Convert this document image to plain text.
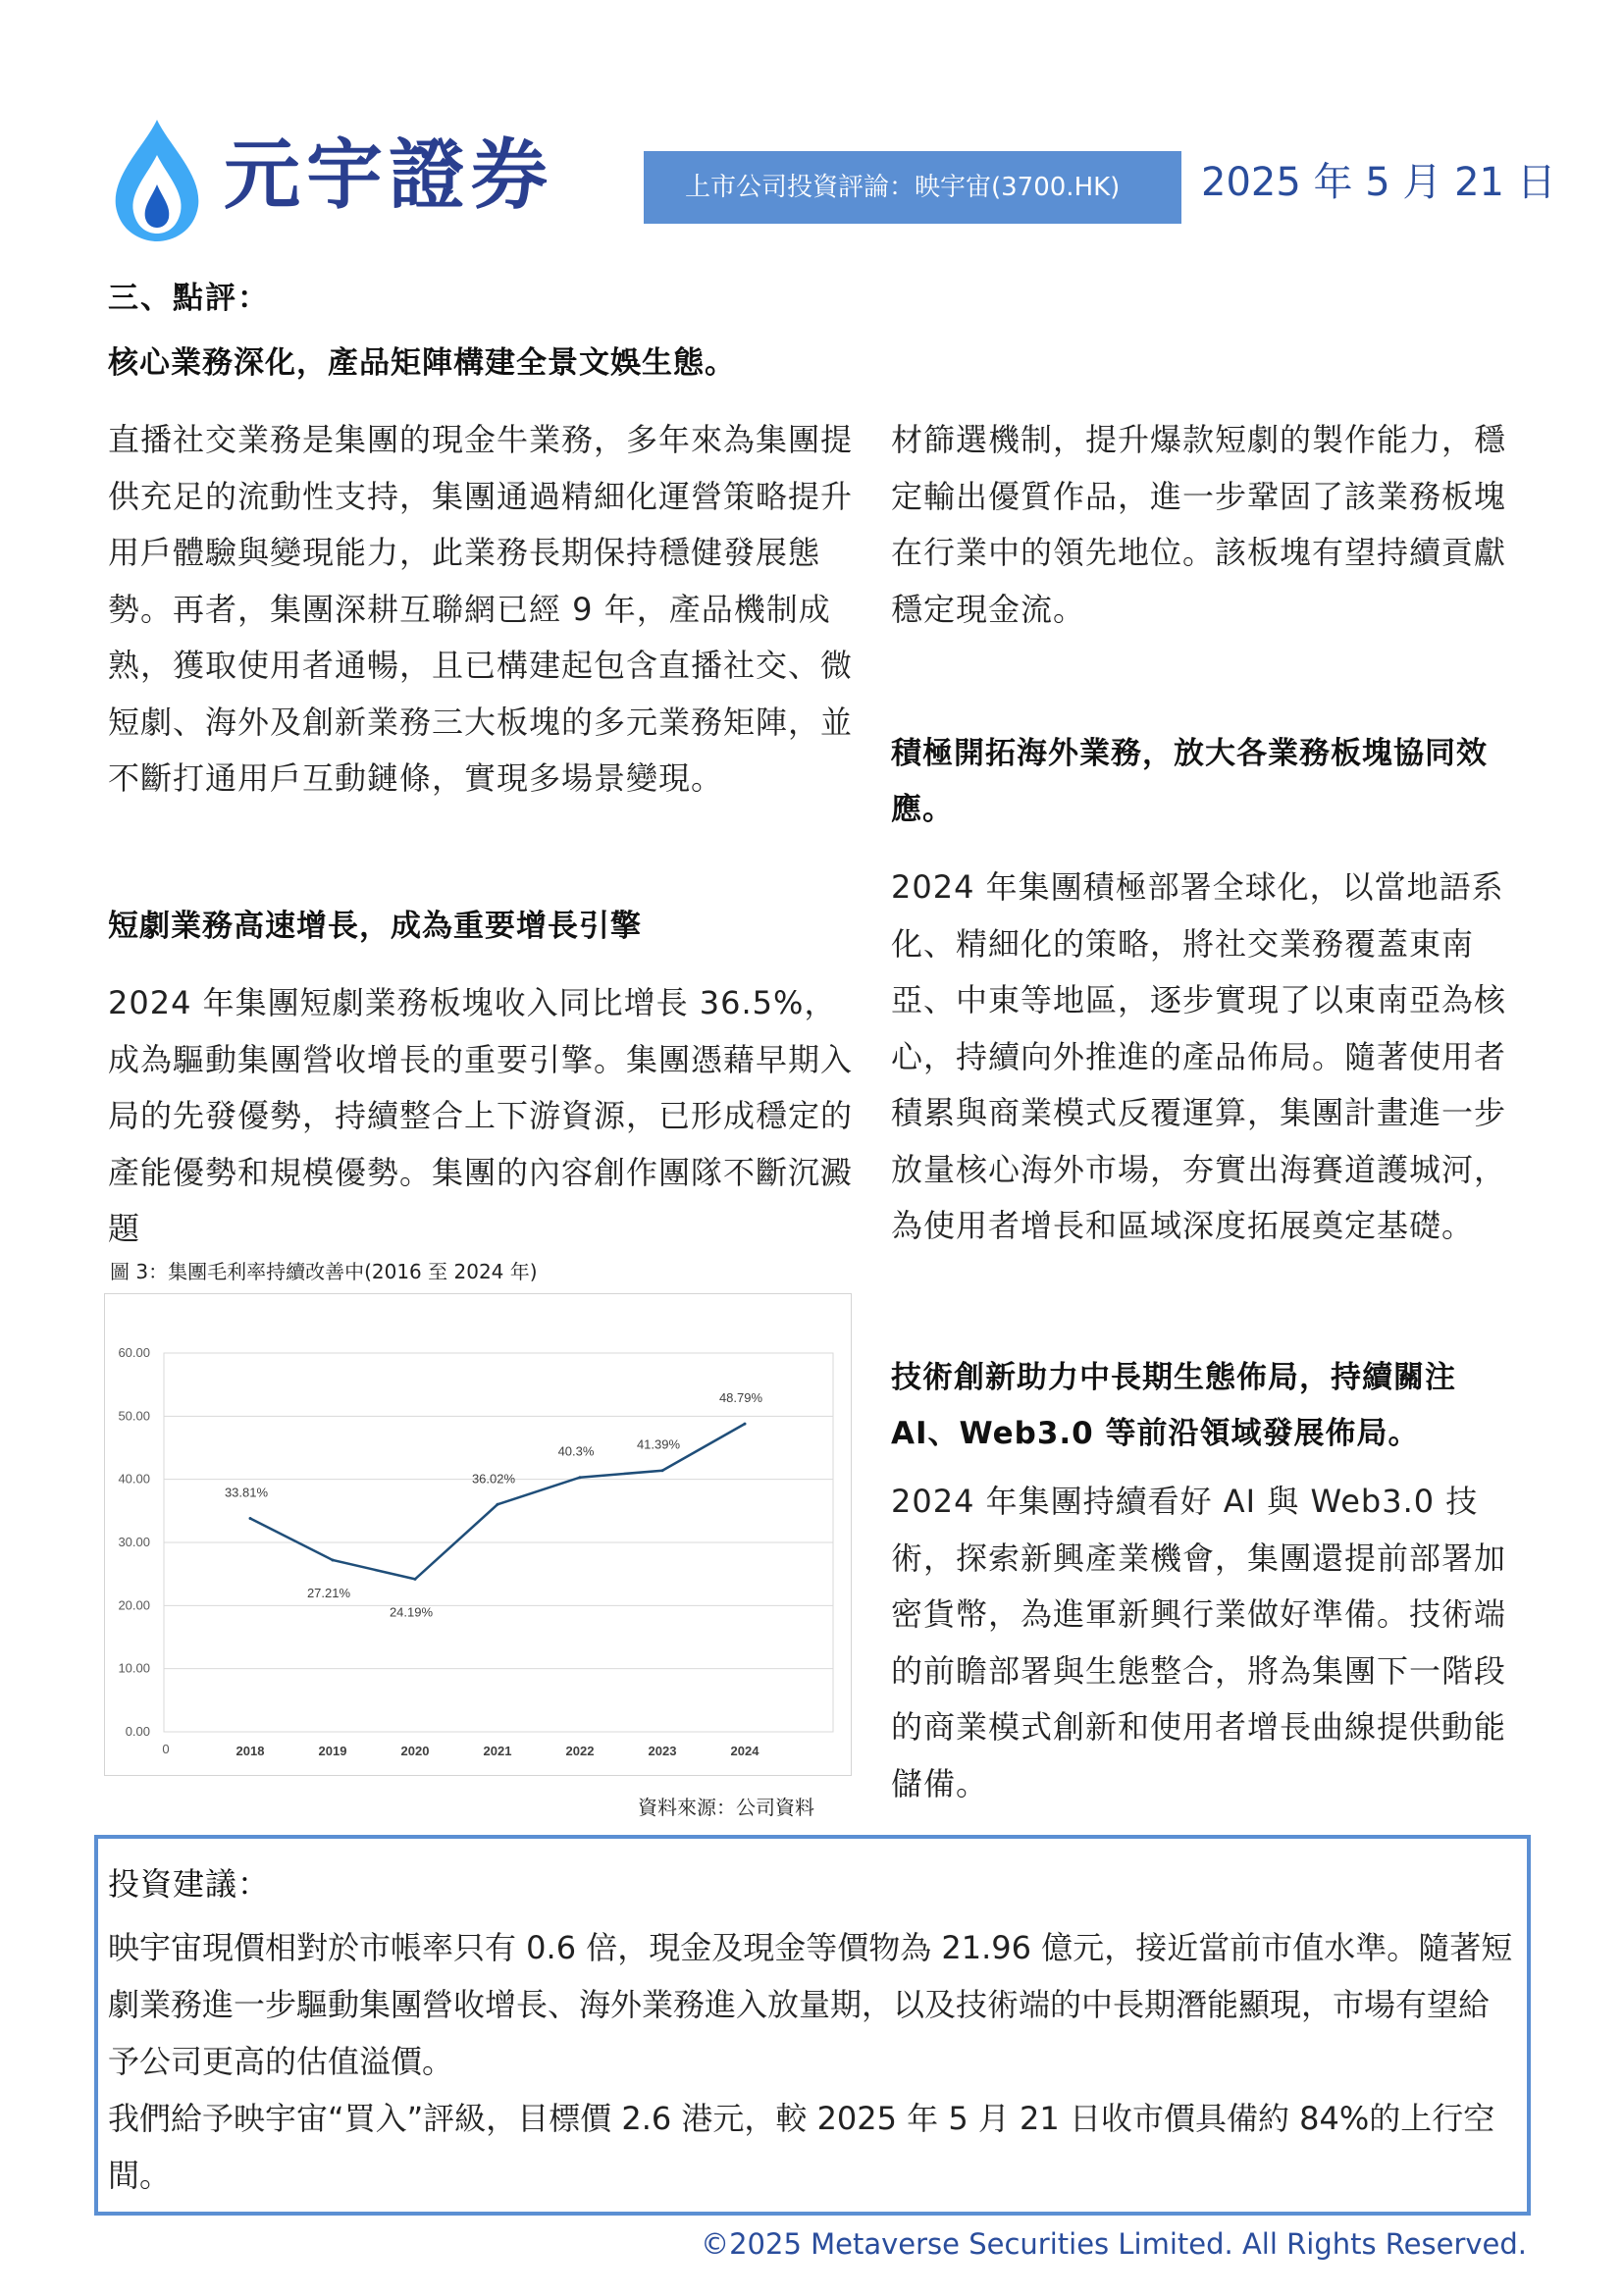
元宇證券	上市公司投資評論：映宇宙(3700.HK)	2025 年 5 月 21 日
三、點評：
核心業務深化，產品矩陣構建全景文娛生態。
直播社交業務是集團的現金牛業務，多年來為集團提供充足的流動性支持，集團通過精細化運營策略提升用戶體驗與變現能力，此業務長期保持穩健發展態勢。再者，集團深耕互聯網已經 9 年，產品機制成熟，獲取使用者通暢，且已構建起包含直播社交、微短劇、海外及創新業務三大板塊的多元業務矩陣，並不斷打通用戶互動鏈條，實現多場景變現。
短劇業務高速增長，成為重要增長引擎
2024 年集團短劇業務板塊收入同比增長 36.5%，成為驅動集團營收增長的重要引擎。集團憑藉早期入局的先發優勢，持續整合上下游資源，已形成穩定的產能優勢和規模優勢。集團的內容創作團隊不斷沉澱題
圖 3：集團毛利率持續改善中(2016 至 2024 年)
0.00
10.00
20.00
30.00
40.00
50.00
60.00
0	2018	2019	2020	2021	2022	2023	2024
33.81%
27.21%
24.19%
36.02%
40.3%	41.39%
48.79%
資料來源：公司資料
材篩選機制，提升爆款短劇的製作能力，穩定輸出優質作品，進一步鞏固了該業務板塊在行業中的領先地位。該板塊有望持續貢獻穩定現金流。
積極開拓海外業務，放大各業務板塊協同效應。
2024 年集團積極部署全球化，以當地語系化、精細化的策略，將社交業務覆蓋東南亞、中東等地區，逐步實現了以東南亞為核心，持續向外推進的產品佈局。隨著使用者積累與商業模式反覆運算，集團計畫進一步放量核心海外市場，夯實出海賽道護城河，為使用者增長和區域深度拓展奠定基礎。
技術創新助力中長期生態佈局，持續關注 AI、Web3.0 等前沿領域發展佈局。
2024 年集團持續看好 AI 與 Web3.0 技術，探索新興產業機會，集團還提前部署加密貨幣，為進軍新興行業做好準備。技術端的前瞻部署與生態整合，將為集團下一階段的商業模式創新和使用者增長曲線提供動能儲備。
投資建議：
映宇宙現價相對於市帳率只有 0.6 倍，現金及現金等價物為 21.96 億元，接近當前市值水準。隨著短劇業務進一步驅動集團營收增長、海外業務進入放量期，以及技術端的中長期潛能顯現，市場有望給予公司更高的估值溢價。
我們給予映宇宙“買入”評級，目標價 2.6 港元，較 2025 年 5 月 21 日收市價具備約 84%的上行空間。
©2025 Metaverse Securities Limited. All Rights Reserved.
